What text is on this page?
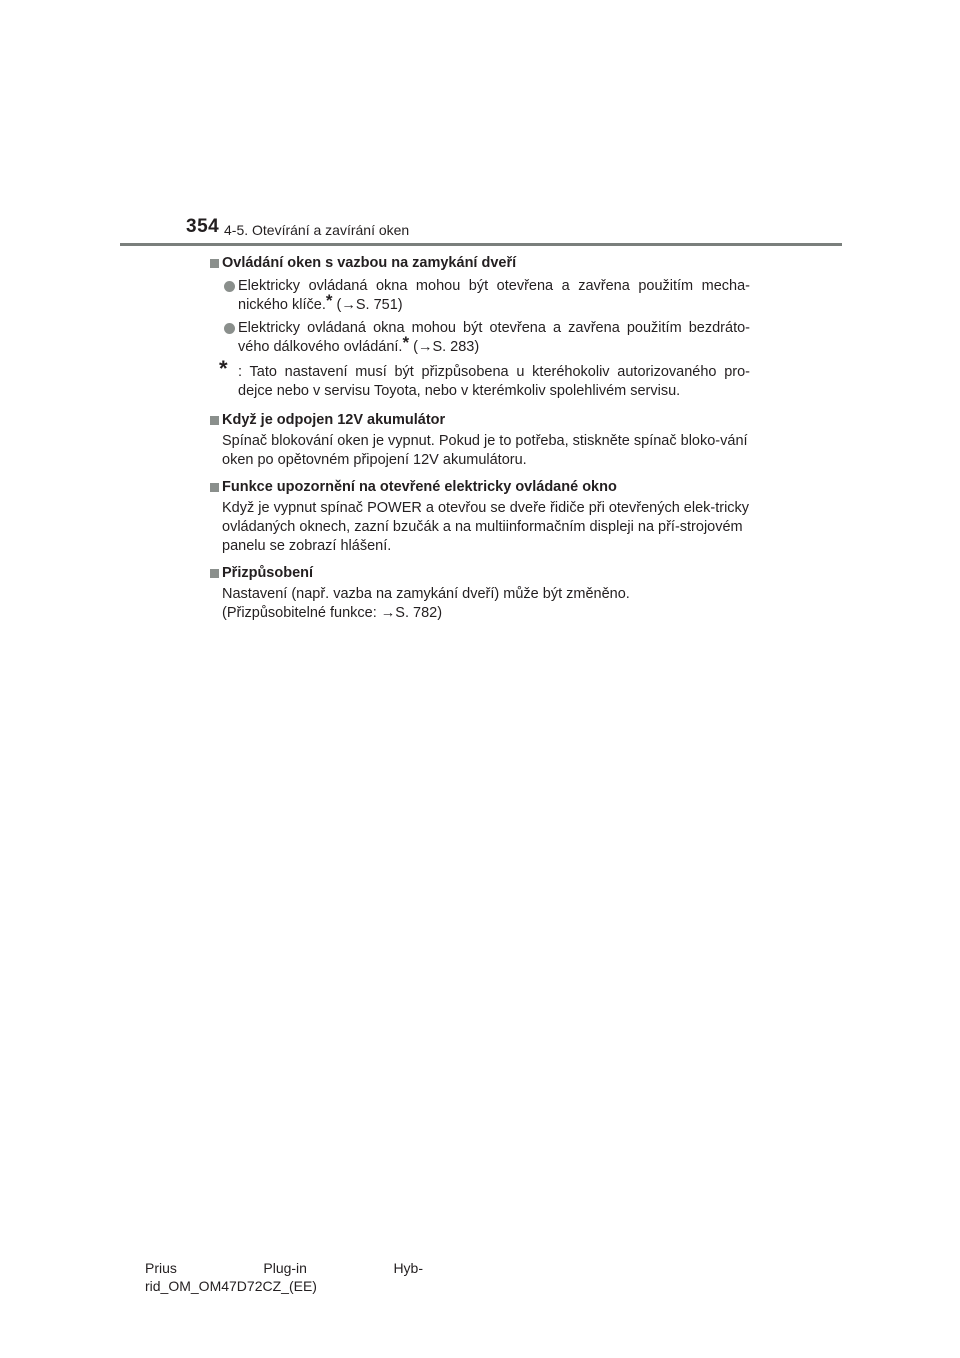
354 4-5. Otevírání a zavírání oken
Ovládání oken s vazbou na zamykání dveří
Elektricky ovládaná okna mohou být otevřena a zavřena použitím mecha-nického klíče.* (→S. 751)
Elektricky ovládaná okna mohou být otevřena a zavřena použitím bezdráto-vého dálkového ovládání.* (→S. 283)
* : Tato nastavení musí být přizpůsobena u kteréhokoliv autorizovaného pro-dejce nebo v servisu Toyota, nebo v kterémkoliv spolehlivém servisu.
Když je odpojen 12V akumulátor
Spínač blokování oken je vypnut. Pokud je to potřeba, stiskněte spínač bloko-vání oken po opětovném připojení 12V akumulátoru.
Funkce upozornění na otevřené elektricky ovládané okno
Když je vypnut spínač POWER a otevřou se dveře řidiče při otevřených elek-tricky ovládaných oknech, zazní bzučák a na multiinformačním displeji na pří-strojovém panelu se zobrazí hlášení.
Přizpůsobení
Nastavení (např. vazba na zamykání dveří) může být změněno.
(Přizpůsobitelné funkce: →S. 782)
Prius	Plug-in	Hyb-
rid_OM_OM47D72CZ_(EE)
